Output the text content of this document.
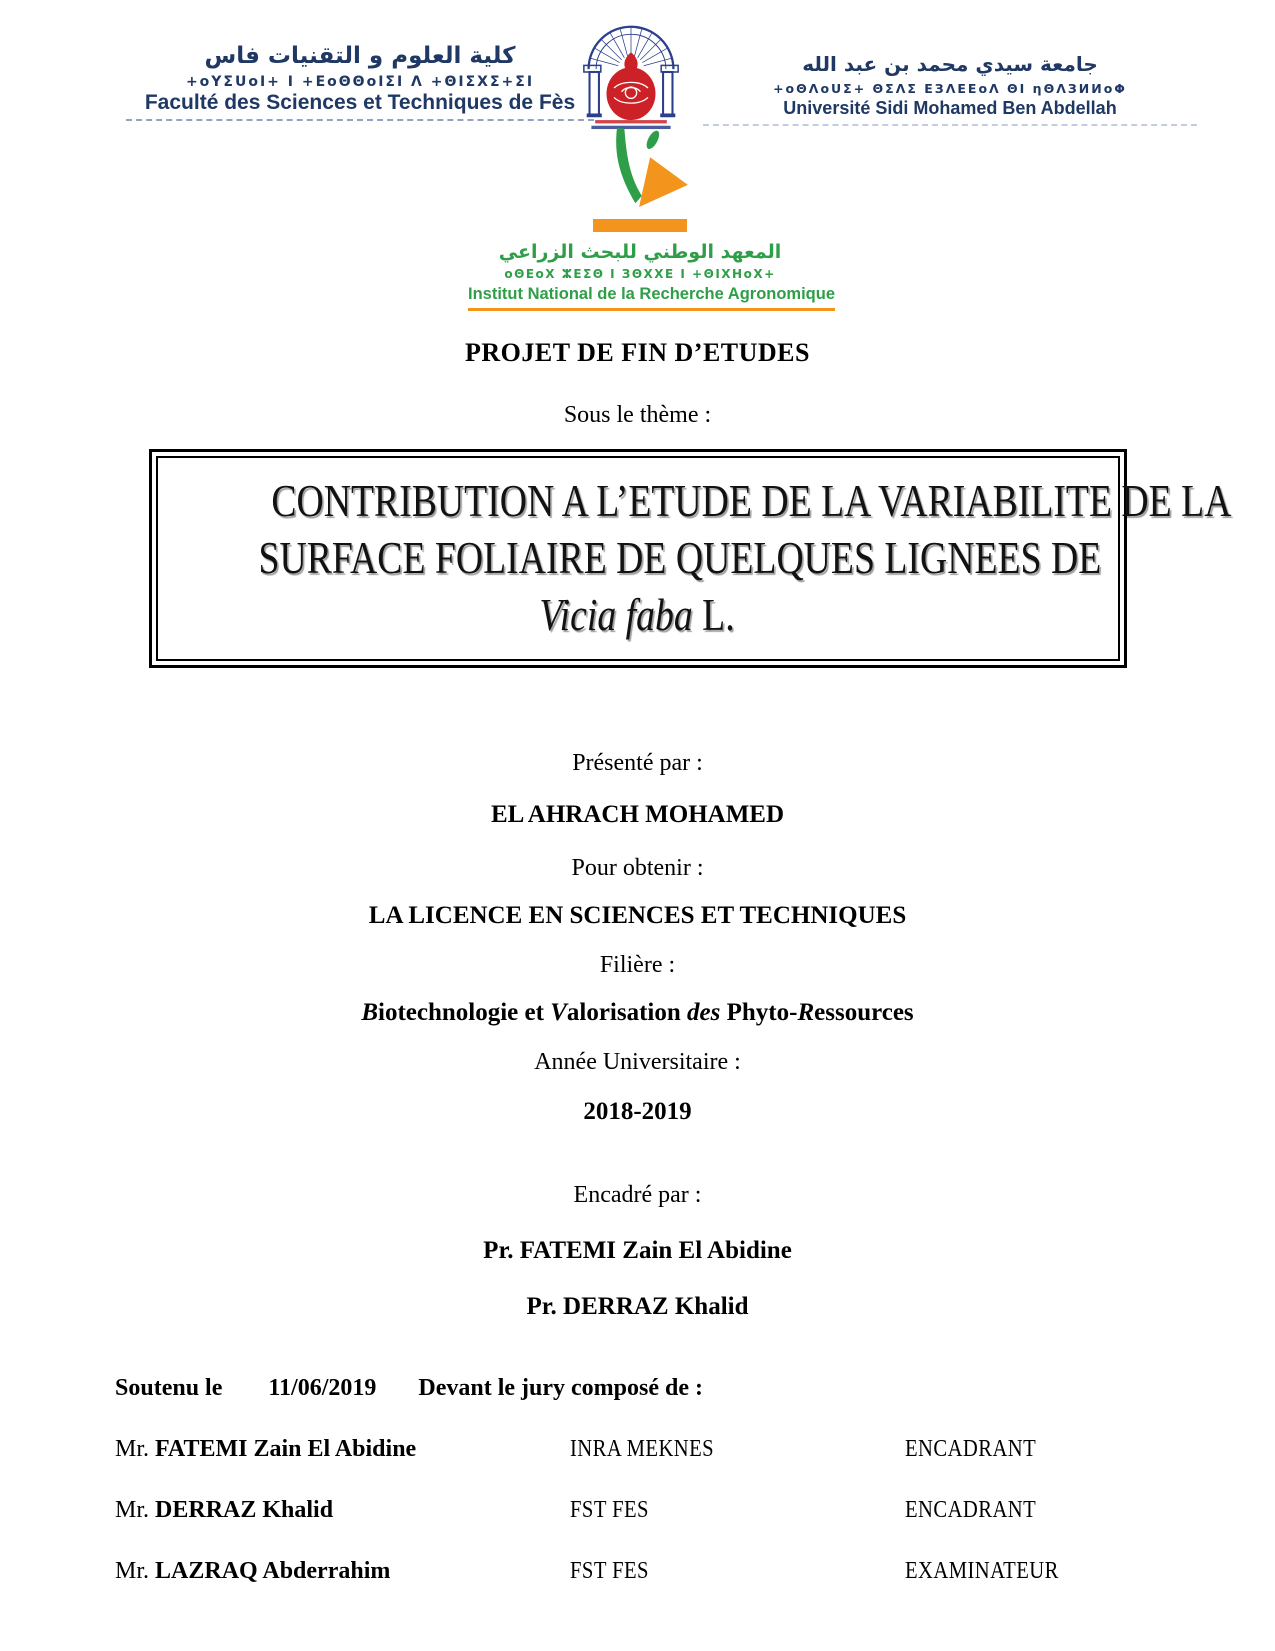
كلية العلوم و التقنيات فاس
+oYΣUoI+ I +ΕoΘΘoIΣI Λ +ΘIΣΧΣ+ΣI
Faculté des Sciences et Techniques de Fès
جامعة سيدي محمد بن عبد الله
+oΘΛoUΣ+ ΘΣΛΣ ΕЗΛΕΕoΛ ΘΙ ηΘΛЗИИoΦ
Université Sidi Mohamed Ben Abdellah
المعهد الوطني للبحث الزراعي
oΘΕoΧ ⵣΕΣΘ Ι ЗΘΧΧΕ Ι +ΘΙΧΗoΧ+
Institut National de la Recherche Agronomique
PROJET DE FIN D’ETUDES
Sous le thème :
CONTRIBUTION A L’ETUDE DE LA VARIABILITE DE LA
SURFACE FOLIAIRE DE QUELQUES LIGNEES DE
Vicia faba L.
Présenté par :
EL AHRACH MOHAMED
Pour obtenir :
LA LICENCE EN SCIENCES ET TECHNIQUES
Filière :
Biotechnologie et Valorisation des Phyto-Ressources
Année Universitaire :
2018-2019
Encadré par :
Pr. FATEMI Zain El Abidine
Pr. DERRAZ Khalid
Soutenu le 11/06/2019 Devant le jury composé de :
Mr. FATEMI Zain El Abidine	INRA MEKNES	ENCADRANT
Mr. DERRAZ Khalid	FST FES	ENCADRANT
Mr. LAZRAQ Abderrahim	FST FES	EXAMINATEUR
